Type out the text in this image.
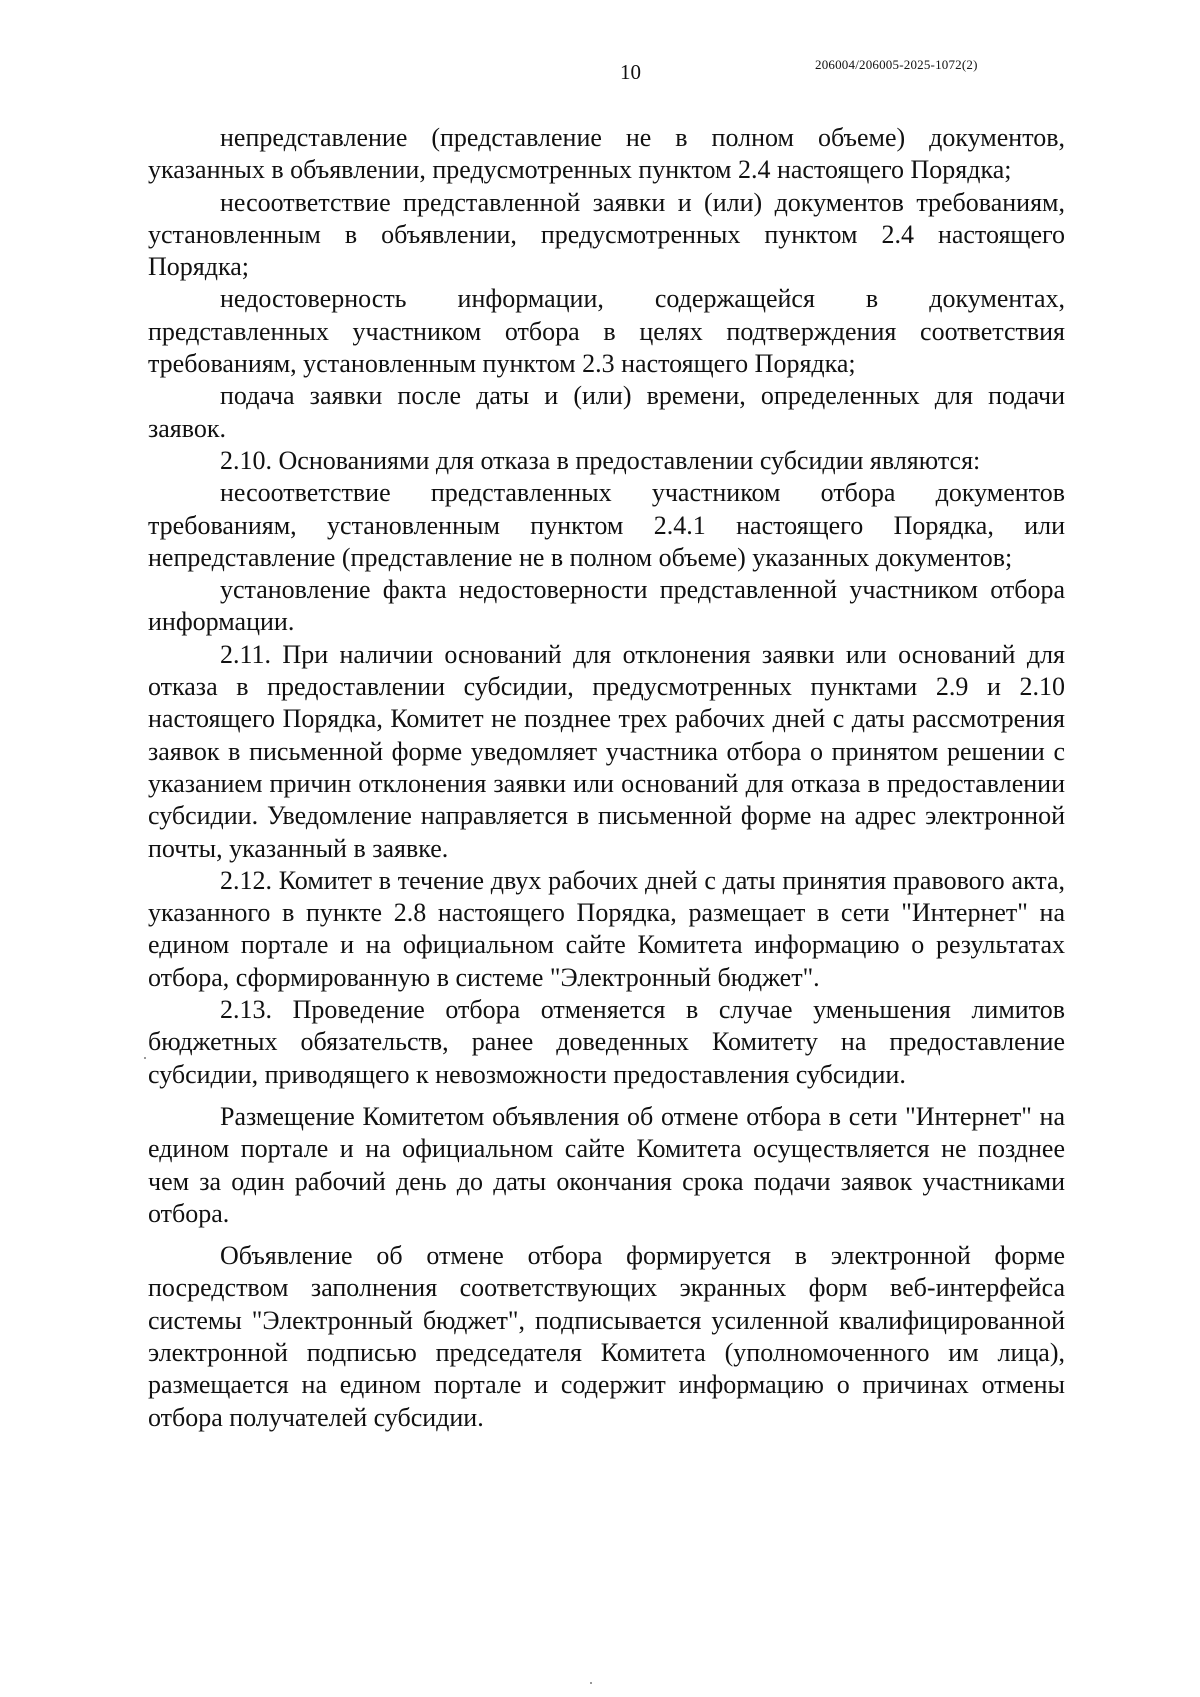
10	206004/206005-2025-1072(2)

непредставление (представление не в полном объеме) документов, указанных в объявлении, предусмотренных пунктом 2.4 настоящего Порядка;

несоответствие представленной заявки и (или) документов требованиям, установленным в объявлении, предусмотренных пунктом 2.4 настоящего Порядка;

недостоверность информации, содержащейся в документах, представленных участником отбора в целях подтверждения соответствия требованиям, установленным пунктом 2.3 настоящего Порядка;

подача заявки после даты и (или) времени, определенных для подачи заявок.

2.10. Основаниями для отказа в предоставлении субсидии являются:

несоответствие представленных участником отбора документов требованиям, установленным пунктом 2.4.1 настоящего Порядка, или непредставление (представление не в полном объеме) указанных документов;

установление факта недостоверности представленной участником отбора информации.

2.11. При наличии оснований для отклонения заявки или оснований для отказа в предоставлении субсидии, предусмотренных пунктами 2.9 и 2.10 настоящего Порядка, Комитет не позднее трех рабочих дней с даты рассмотрения заявок в письменной форме уведомляет участника отбора о принятом решении с указанием причин отклонения заявки или оснований для отказа в предоставлении субсидии. Уведомление направляется в письменной форме на адрес электронной почты, указанный в заявке.

2.12. Комитет в течение двух рабочих дней с даты принятия правового акта, указанного в пункте 2.8 настоящего Порядка, размещает в сети "Интернет" на едином портале и на официальном сайте Комитета информацию о результатах отбора, сформированную в системе "Электронный бюджет".

2.13. Проведение отбора отменяется в случае уменьшения лимитов бюджетных обязательств, ранее доведенных Комитету на предоставление субсидии, приводящего к невозможности предоставления субсидии.

Размещение Комитетом объявления об отмене отбора в сети "Интернет" на едином портале и на официальном сайте Комитета осуществляется не позднее чем за один рабочий день до даты окончания срока подачи заявок участниками отбора.

Объявление об отмене отбора формируется в электронной форме посредством заполнения соответствующих экранных форм веб-интерфейса системы "Электронный бюджет", подписывается усиленной квалифицированной электронной подписью председателя Комитета (уполномоченного им лица), размещается на едином портале и содержит информацию о причинах отмены отбора получателей субсидии.
